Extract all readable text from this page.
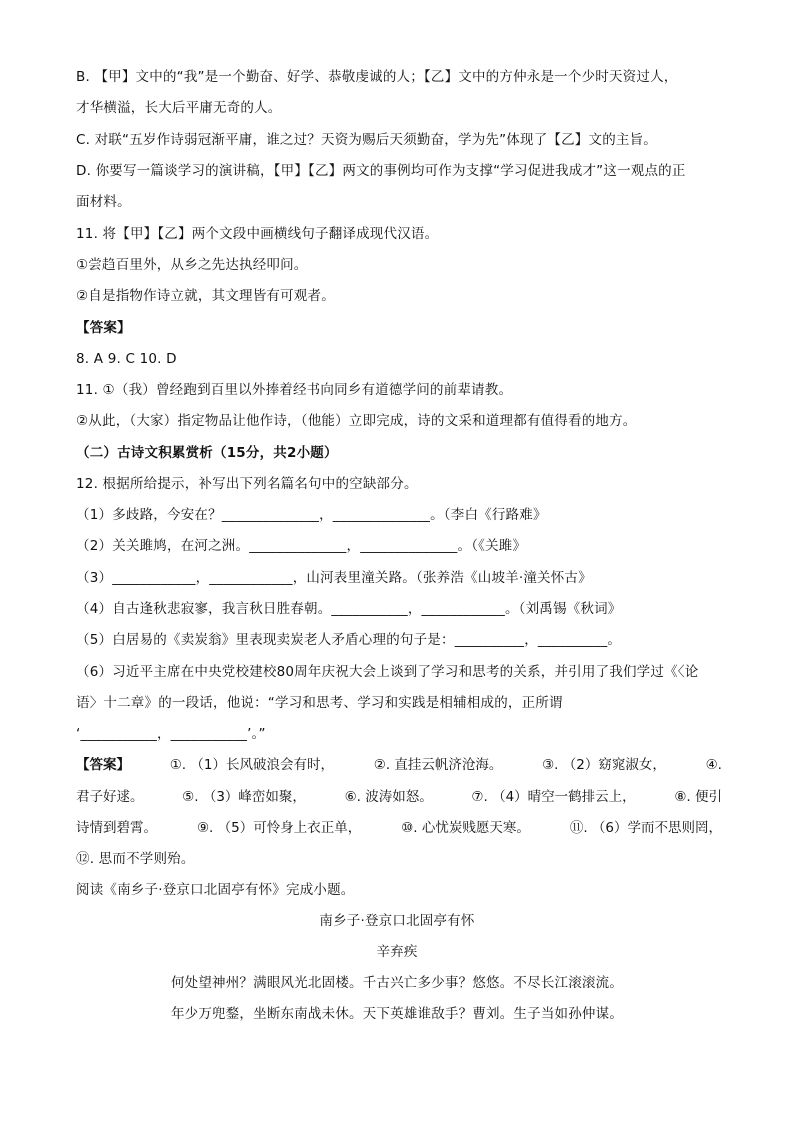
B. 【甲】文中的“我”是一个勤奋、好学、恭敬虔诚的人；【乙】文中的方仲永是一个少时天资过人，
才华横溢，长大后平庸无奇的人。
C. 对联“五岁作诗弱冠渐平庸，谁之过？天资为赐后天须勤奋，学为先”体现了【乙】文的主旨。
D. 你要写一篇谈学习的演讲稿，【甲】【乙】两文的事例均可作为支撑“学习促进我成才”这一观点的正
面材料。
11. 将【甲】【乙】两个文段中画横线句子翻译成现代汉语。
①尝趋百里外，从乡之先达执经叩问。
②自是指物作诗立就，其文理皆有可观者。
【答案】
8. A 9. C 10. D
11. ①（我）曾经跑到百里以外捧着经书向同乡有道德学问的前辈请教。
②从此，（大家）指定物品让他作诗，（他能）立即完成，诗的文采和道理都有值得看的地方。
（二）古诗文积累赏析（15分，共2小题）
12. 根据所给提示，补写出下列名篇名句中的空缺部分。
（1）多歧路，今安在？______________，______________。（李白《行路难》
（2）关关雎鸠，在河之洲。______________，______________。（《关雎》
（3）____________，____________，山河表里潼关路。（张养浩《山坡羊·潼关怀古》
（4）自古逢秋悲寂寥，我言秋日胜春朝。___________，____________。（刘禹锡《秋词》
（5）白居易的《卖炭翁》里表现卖炭老人矛盾心理的句子是：__________，__________。
（6）习近平主席在中央党校建校80周年庆祝大会上谈到了学习和思考的关系，并引用了我们学过《〈论
语〉十二章》的一段话，他说：“学习和思考、学习和实践是相辅相成的，正所谓
‘___________，___________’。”
【答案】	①. （1）长风破浪会有时，	②. 直挂云帆济沧海。	③. （2）窈窕淑女，	④.
君子好逑。	⑤. （3）峰峦如聚，	⑥. 波涛如怒。	⑦. （4）晴空一鹤排云上，	⑧. 便引
诗情到碧霄。	⑨. （5）可怜身上衣正单，	⑩. 心忧炭贱愿天寒。	⑪. （6）学而不思则罔，
⑫. 思而不学则殆。
阅读《南乡子·登京口北固亭有怀》完成小题。
南乡子·登京口北固亭有怀
辛弃疾
何处望神州？满眼风光北固楼。千古兴亡多少事？悠悠。不尽长江滚滚流。
年少万兜鍪，坐断东南战未休。天下英雄谁敌手？曹刘。生子当如孙仲谋。
